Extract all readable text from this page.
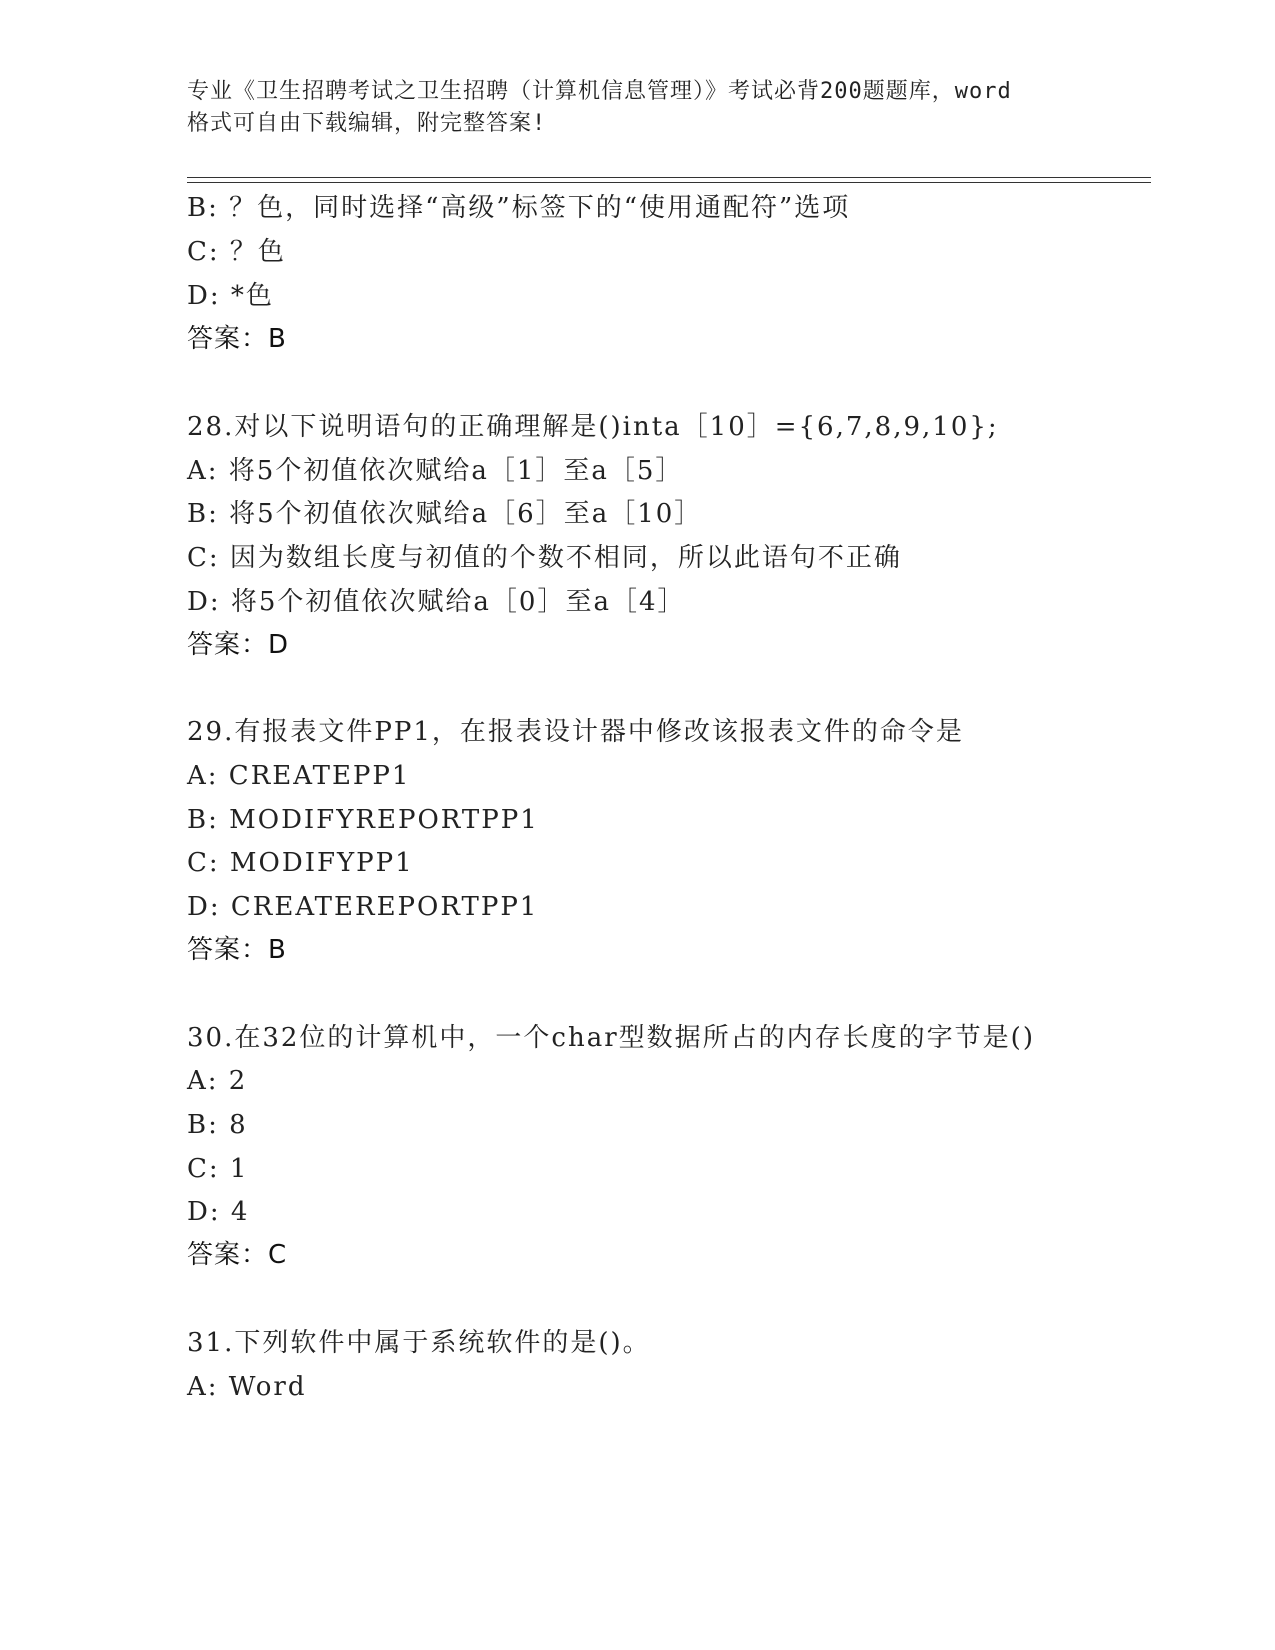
专业《卫生招聘考试之卫生招聘（计算机信息管理）》考试必背200题题库，word
格式可自由下载编辑，附完整答案!
B: ？色，同时选择“高级”标签下的“使用通配符”选项
C: ？色
D: *色
答案：B
28.对以下说明语句的正确理解是()inta［10］={6,7,8,9,10};
A: 将5个初值依次赋给a［1］至a［5］
B: 将5个初值依次赋给a［6］至a［10］
C: 因为数组长度与初值的个数不相同，所以此语句不正确
D: 将5个初值依次赋给a［0］至a［4］
答案：D
29.有报表文件PP1，在报表设计器中修改该报表文件的命令是
A: CREATEPP1
B: MODIFYREPORTPP1
C: MODIFYPP1
D: CREATEREPORTPP1
答案：B
30.在32位的计算机中，一个char型数据所占的内存长度的字节是()
A: 2
B: 8
C: 1
D: 4
答案：C
31.下列软件中属于系统软件的是()。
A: Word
